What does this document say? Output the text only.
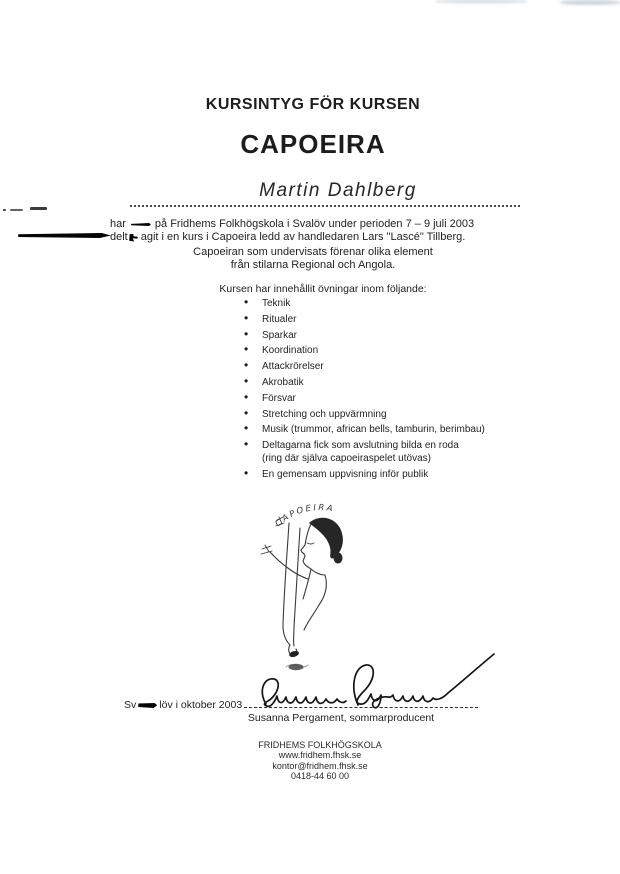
KURSINTYG FÖR KURSEN
CAPOEIRA
Martin Dahlberg
har	på Fridhems Folkhögskola i Svalöv under perioden 7 – 9 juli 2003
delt agit i en kurs i Capoeira ledd av handledaren Lars "Lascé" Tillberg.
Capoeiran som undervisats förenar olika element
från stilarna Regional och Angola.
Kursen har innehållit övningar inom följande:
• Teknik
• Ritualer
• Sparkar
• Koordination
• Attackrörelser
• Akrobatik
• Försvar
• Stretching och uppvärmning
• Musik (trummor, african bells, tamburin, berimbau)
• Deltagarna fick som avslutning bilda en roda
(ring där själva capoeiraspelet utövas)
• En gemensam uppvisning inför publik
CAPOEIRA
Sv löv i oktober 2003
Susanna Pergament, sommarproducent
FRIDHEMS FOLKHÖGSKOLA
www.fridhem.fhsk.se
kontor@fridhem.fhsk.se
0418-44 60 00
